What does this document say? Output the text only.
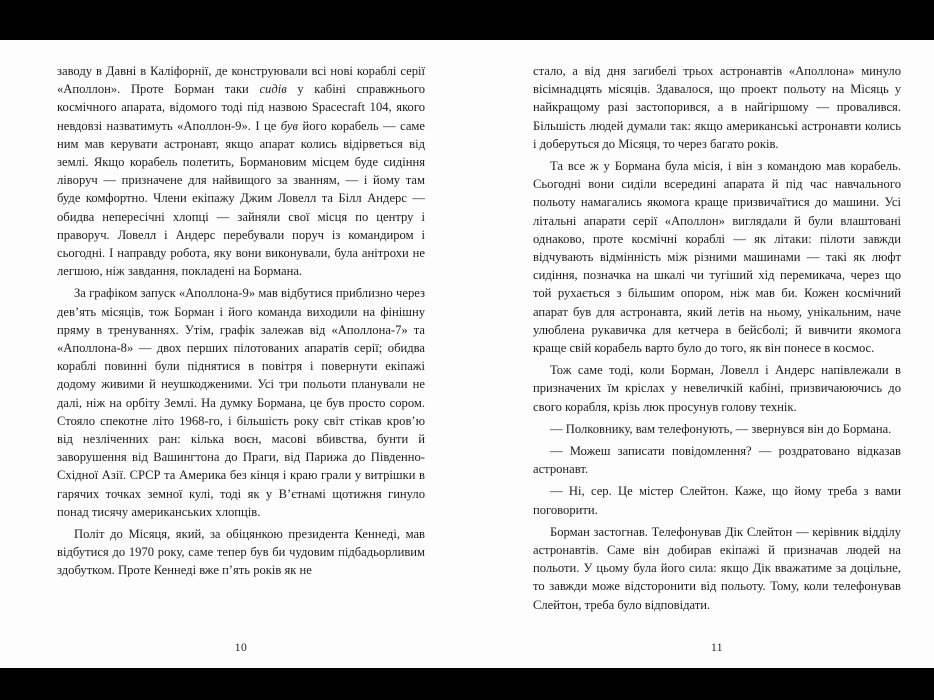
заводу в Давні в Каліфорнії, де конструювали всі нові кораблі серії «Аполлон». Проте Борман таки сидів у кабіні справжнього космічного апарата, відомого тоді під назвою Spacecraft 104, якого невдовзі назватимуть «Аполлон-9». І це був його корабель — саме ним мав керувати астронавт, якщо апарат колись відірветься від землі. Якщо корабель полетить, Бормановим місцем буде сидіння ліворуч — призначене для найвищого за званням, — і йому там буде комфортно. Члени екіпажу Джим Ловелл та Білл Андерс — обидва непересічні хлопці — зайняли свої місця по центру і праворуч. Ловелл і Андерс перебували поруч із командиром і сьогодні. І направду робота, яку вони виконували, була анітрохи не легшою, ніж завдання, покладені на Бормана.

За графіком запуск «Аполлона-9» мав відбутися приблизно через дев’ять місяців, тож Борман і його команда виходили на фінішну пряму в тренуваннях. Утім, графік залежав від «Аполлона-7» та «Аполлона-8» — двох перших пілотованих апаратів серії; обидва кораблі повинні були піднятися в повітря і повернути екіпажі додому живими й неушкодженими. Усі три польоти планували не далі, ніж на орбіту Землі. На думку Бормана, це був просто сором. Стояло спекотне літо 1968-го, і більшість року світ стікав кров’ю від незліченних ран: кілька воєн, масові вбивства, бунти й заворушення від Вашингтона до Праги, від Парижа до Південно-Східної Азії. СРСР та Америка без кінця і краю грали у витрішки в гарячих точках земної кулі, тоді як у В’єтнамі щотижня гинуло понад тисячу американських хлопців.

Політ до Місяця, який, за обіцянкою президента Кеннеді, мав відбутися до 1970 року, саме тепер був би чудовим підбадьорливим здобутком. Проте Кеннеді вже п’ять років як не

10

стало, а від дня загибелі трьох астронавтів «Аполлона» минуло вісімнадцять місяців. Здавалося, що проект польоту на Місяць у найкращому разі застопорився, а в найгіршому — провалився. Більшість людей думали так: якщо американські астронавти колись і доберуться до Місяця, то через багато років.

Та все ж у Бормана була місія, і він з командою мав корабель. Сьогодні вони сиділи всередині апарата й під час навчального польоту намагались якомога краще призвичаїтися до машини. Усі літальні апарати серії «Аполлон» виглядали й були влаштовані однаково, проте космічні кораблі — як літаки: пілоти завжди відчувають відмінність між різними машинами — такі як люфт сидіння, позначка на шкалі чи тугіший хід перемикача, через що той рухається з більшим опором, ніж мав би. Кожен космічний апарат був для астронавта, який летів на ньому, унікальним, наче улюблена рукавичка для кетчера в бейсболі; й вивчити якомога краще свій корабель варто було до того, як він понесе в космос.

Тож саме тоді, коли Борман, Ловелл і Андерс напівлежали в призначених їм кріслах у невеличкій кабіні, призвичаюючись до свого корабля, крізь люк просунув голову технік.

— Полковнику, вам телефонують, — звернувся він до Бормана.

— Можеш записати повідомлення? — роздратовано відказав астронавт.

— Ні, сер. Це містер Слейтон. Каже, що йому треба з вами поговорити.

Борман застогнав. Телефонував Дік Слейтон — керівник відділу астронавтів. Саме він добирав екіпажі й призначав людей на польоти. У цьому була його сила: якщо Дік вважатиме за доцільне, то завжди може відсторонити від польоту. Тому, коли телефонував Слейтон, треба було відповідати.

11
